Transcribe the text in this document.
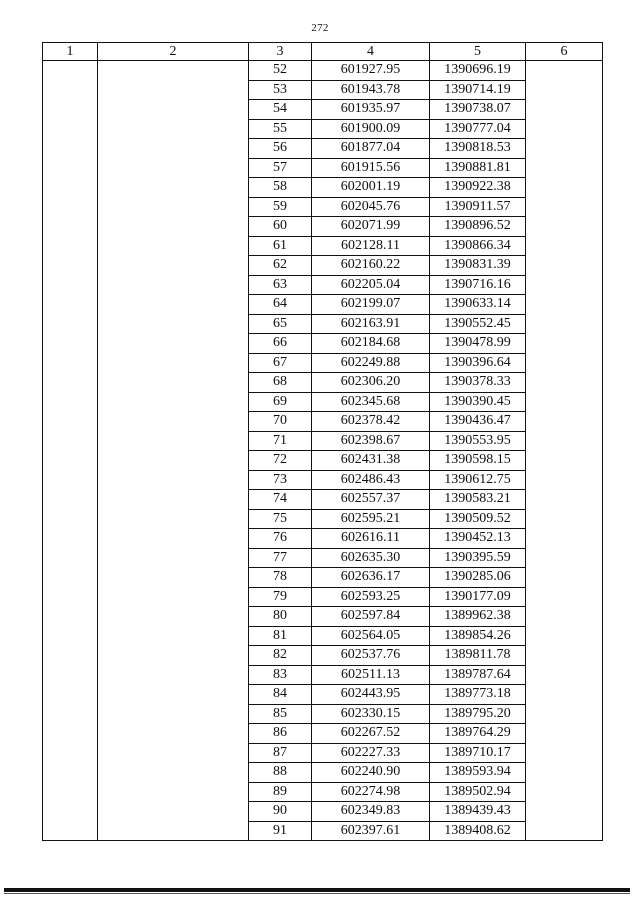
272
1	2	3	4	5	6
		52	601927.95	1390696.19	
		53	601943.78	1390714.19	
		54	601935.97	1390738.07	
		55	601900.09	1390777.04	
		56	601877.04	1390818.53	
		57	601915.56	1390881.81	
		58	602001.19	1390922.38	
		59	602045.76	1390911.57	
		60	602071.99	1390896.52	
		61	602128.11	1390866.34	
		62	602160.22	1390831.39	
		63	602205.04	1390716.16	
		64	602199.07	1390633.14	
		65	602163.91	1390552.45	
		66	602184.68	1390478.99	
		67	602249.88	1390396.64	
		68	602306.20	1390378.33	
		69	602345.68	1390390.45	
		70	602378.42	1390436.47	
		71	602398.67	1390553.95	
		72	602431.38	1390598.15	
		73	602486.43	1390612.75	
		74	602557.37	1390583.21	
		75	602595.21	1390509.52	
		76	602616.11	1390452.13	
		77	602635.30	1390395.59	
		78	602636.17	1390285.06	
		79	602593.25	1390177.09	
		80	602597.84	1389962.38	
		81	602564.05	1389854.26	
		82	602537.76	1389811.78	
		83	602511.13	1389787.64	
		84	602443.95	1389773.18	
		85	602330.15	1389795.20	
		86	602267.52	1389764.29	
		87	602227.33	1389710.17	
		88	602240.90	1389593.94	
		89	602274.98	1389502.94	
		90	602349.83	1389439.43	
		91	602397.61	1389408.62	
